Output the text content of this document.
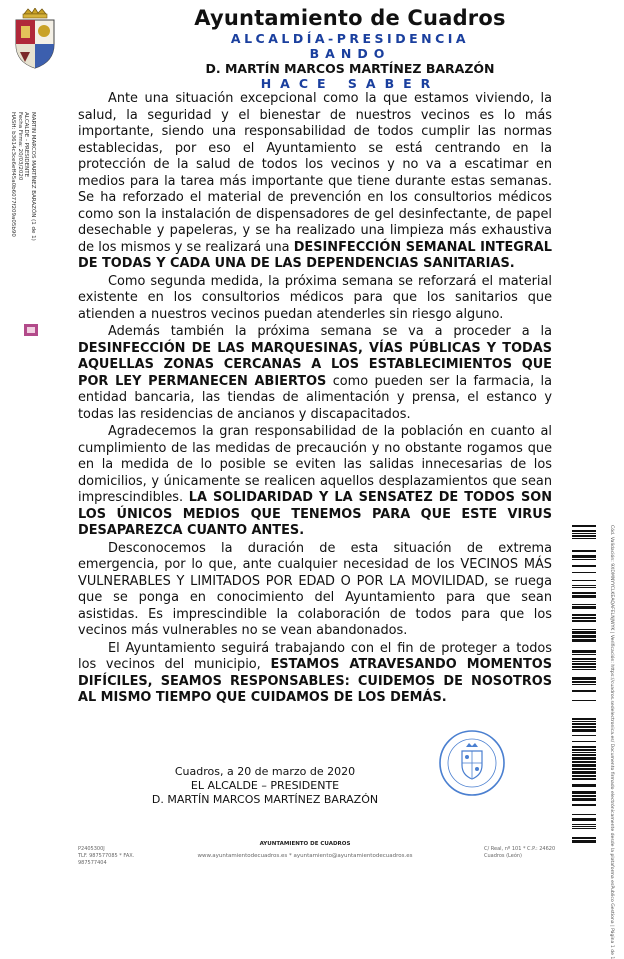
Ayuntamiento de Cuadros
ALCALDÍA-PRESIDENCIA
BANDO
D. MARTÍN MARCOS MARTÍNEZ BARAZÓN
HACE SABER
MARTIN MARCOS MARTÍNEZ BARAZÓN (1 de 1)
ALCALDE - PRESIDENTE
Fecha Firma: 20/03/2020
HASH: b3614c3ce6eff45a0b6077f209a05b90

Ante una situación excepcional como la que estamos viviendo, la salud, la seguridad y el bienestar de nuestros vecinos es lo más importante, siendo una responsabilidad de todos cumplir las normas establecidas, por eso el Ayuntamiento se está centrando en la protección de la salud de todos los vecinos y no va a escatimar en medios para la tarea más importante que tiene durante estas semanas. Se ha reforzado el material de prevención en los consultorios médicos como son la instalación de dispensadores de gel desinfectante, de papel desechable y papeleras, y se ha realizado una limpieza más exhaustiva de los mismos y se realizará una DESINFECCIÓN SEMANAL INTEGRAL DE TODAS Y CADA UNA DE LAS DEPENDENCIAS SANITARIAS.

Como segunda medida, la próxima semana se reforzará el material existente en los consultorios médicos para que los sanitarios que atienden a nuestros vecinos puedan atenderles sin riesgo alguno.

Además también la próxima semana se va a proceder a la DESINFECCIÓN DE LAS MARQUESINAS, VÍAS PÚBLICAS Y TODAS AQUELLAS ZONAS CERCANAS A LOS ESTABLECIMIENTOS QUE POR LEY PERMANECEN ABIERTOS como pueden ser la farmacia, la entidad bancaria, las tiendas de alimentación y prensa, el estanco y todas las residencias de ancianos y discapacitados.

Agradecemos la gran responsabilidad de la población en cuanto al cumplimiento de las medidas de precaución y no obstante rogamos que en la medida de lo posible se eviten las salidas innecesarias de los domicilios, y únicamente se realicen aquellos desplazamientos que sean imprescindibles. LA SOLIDARIDAD Y LA SENSATEZ DE TODOS SON LOS ÚNICOS MEDIOS QUE TENEMOS PARA QUE ESTE VIRUS DESAPAREZCA CUANTO ANTES.

Desconocemos la duración de esta situación de extrema emergencia, por lo que, ante cualquier necesidad de los VECINOS MÁS VULNERABLES Y LIMITADOS POR EDAD O POR LA MOVILIDAD, se ruega que se ponga en conocimiento del Ayuntamiento para que sean asistidas. Es imprescindible la colaboración de todos para que los vecinos más vulnerables no se vean abandonados.

El Ayuntamiento seguirá trabajando con el fin de proteger a todos los vecinos del municipio, ESTAMOS ATRAVESANDO MOMENTOS DIFÍCILES, SEAMOS RESPONSABLES: CUIDEMOS DE NOSOTROS AL MISMO TIEMPO QUE CUIDAMOS DE LOS DEMÁS.

Cuadros, a 20 de marzo de 2020
EL ALCALDE – PRESIDENTE
D. MARTÍN MARCOS MARTÍNEZ BARAZÓN	Cód. Validación: 9XDMNYYCLKEAQAFELNJWYK | Verificación: https://cuadros.sedelectronica.es/ Documento firmado electrónicamente desde la plataforma esPublico Gestiona | Página 1 de 1
P2405300J
TLF. 987577085 * FAX. 987577404
AYUNTAMIENTO DE CUADROS
www.ayuntamientodecuadros.es * ayuntamiento@ayuntamientodecuadros.es
C/ Real, nº 101 * C.P.: 24620
Cuadros (León)
